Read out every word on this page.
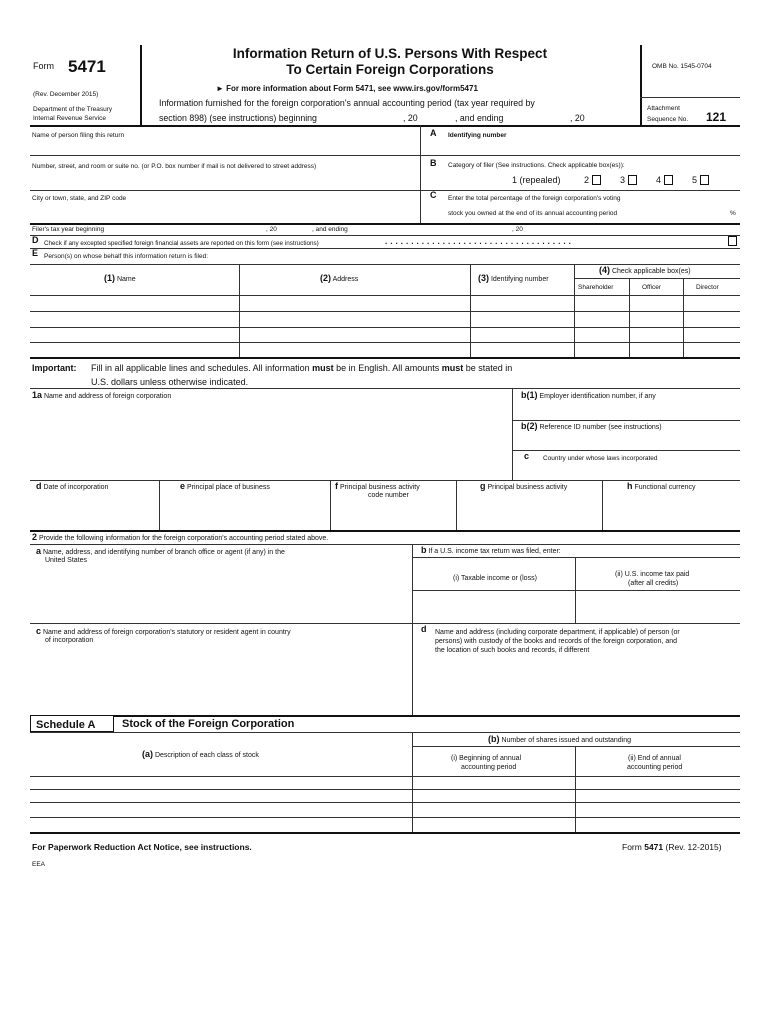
Form 5471
(Rev. December 2015)
Department of the Treasury
Internal Revenue Service
Information Return of U.S. Persons With Respect
To Certain Foreign Corporations
► For more information about Form 5471, see www.irs.gov/form5471
Information furnished for the foreign corporation's annual accounting period (tax year required by
section 898) (see instructions) beginning	, 20	, and ending	, 20
OMB No. 1545-0704
Attachment
Sequence No. 121
Name of person filing this return	A Identifying number
Number, street, and room or suite no. (or P.O. box number if mail is not delivered to street address)	B Category of filer (See instructions. Check applicable box(es)):
1 (repealed)	2	3	4	5
City or town, state, and ZIP code	C Enter the total percentage of the foreign corporation's voting
stock you owned at the end of its annual accounting period	%
Filer's tax year beginning	, 20	, and ending	, 20
D Check if any excepted specified foreign financial assets are reported on this form (see instructions)	. . . . . . . . . . . . . . . . . . . . . . . . . . . . . . . . . . . .
E Person(s) on whose behalf this information return is filed:
(1) Name	(2) Address	(3) Identifying number
(4) Check applicable box(es)
Shareholder	Officer	Director
Important: Fill in all applicable lines and schedules. All information must be in English. All amounts must be stated in
U.S. dollars unless otherwise indicated.
1a Name and address of foreign corporation	b(1) Employer identification number, if any
b(2) Reference ID number (see instructions)
c Country under whose laws incorporated
d Date of incorporation	e Principal place of business	f Principal business activity
code number
g Principal business activity	h Functional currency
2 Provide the following information for the foreign corporation's accounting period stated above.
a Name, address, and identifying number of branch office or agent (if any) in the
United States
b If a U.S. income tax return was filed, enter:
(i) Taxable income or (loss)
(ii) U.S. income tax paid
(after all credits)
c Name and address of foreign corporation's statutory or resident agent in country
of incorporation
d Name and address (including corporate department, if applicable) of person (or
persons) with custody of the books and records of the foreign corporation, and
the location of such books and records, if different
Schedule A Stock of the Foreign Corporation
(a) Description of each class of stock
(b) Number of shares issued and outstanding
(i) Beginning of annual
accounting period
(ii) End of annual
accounting period
For Paperwork Reduction Act Notice, see instructions.	Form 5471 (Rev. 12-2015)
EEA
